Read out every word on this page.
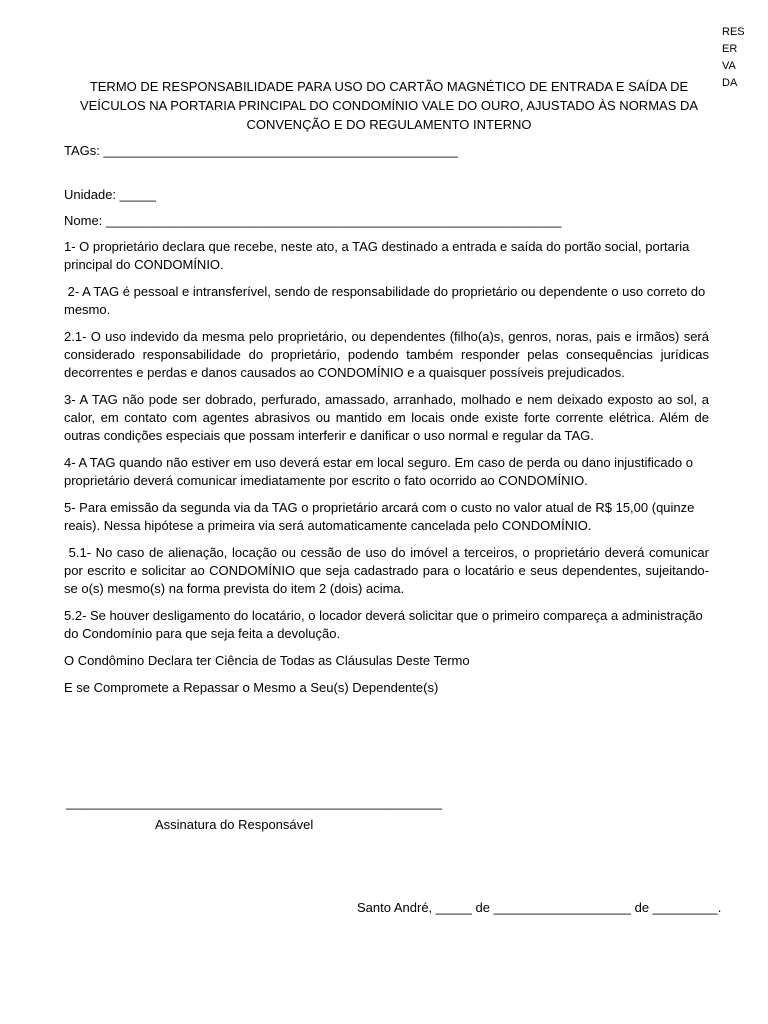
RES
ER
VA
DA
TERMO DE RESPONSABILIDADE PARA USO DO CARTÃO MAGNÉTICO DE ENTRADA E SAÍDA DE VEÍCULOS NA PORTARIA PRINCIPAL DO CONDOMÍNIO VALE DO OURO, AJUSTADO ÀS NORMAS DA CONVENÇÃO E DO REGULAMENTO INTERNO

TAGs: _________________________________________________

Unidade: _____

Nome: _______________________________________________________________

1- O proprietário declara que recebe, neste ato, a TAG destinado a entrada e saída do portão social, portaria principal do CONDOMÍNIO.

2- A TAG é pessoal e intransferível, sendo de responsabilidade do proprietário ou dependente o uso correto do mesmo.

2.1- O uso indevido da mesma pelo proprietário, ou dependentes (filho(a)s, genros, noras, pais e irmãos) será considerado responsabilidade do proprietário, podendo também responder pelas consequências jurídicas decorrentes e perdas e danos causados ao CONDOMÍNIO e a quaisquer possíveis prejudicados.

3- A TAG não pode ser dobrado, perfurado, amassado, arranhado, molhado e nem deixado exposto ao sol, a calor, em contato com agentes abrasivos ou mantido em locais onde existe forte corrente elétrica. Além de outras condições especiais que possam interferir e danificar o uso normal e regular da TAG.

4- A TAG quando não estiver em uso deverá estar em local seguro. Em caso de perda ou dano injustificado o proprietário deverá comunicar imediatamente por escrito o fato ocorrido ao CONDOMÍNIO.

5- Para emissão da segunda via da TAG o proprietário arcará com o custo no valor atual de R$ 15,00 (quinze reais). Nessa hipótese a primeira via será automaticamente cancelada pelo CONDOMÍNIO.

5.1- No caso de alienação, locação ou cessão de uso do imóvel a terceiros, o proprietário deverá comunicar por escrito e solicitar ao CONDOMÍNIO que seja cadastrado para o locatário e seus dependentes, sujeitando-se o(s) mesmo(s) na forma prevista do item 2 (dois) acima.

5.2- Se houver desligamento do locatário, o locador deverá solicitar que o primeiro compareça a administração do Condomínio para que seja feita a devolução.

O Condômino Declara ter Ciência de Todas as Cláusulas Deste Termo

E se Compromete a Repassar o Mesmo a Seu(s) Dependente(s)

____________________________________________________
Assinatura do Responsável
Santo André, _____ de ___________________ de _________.
